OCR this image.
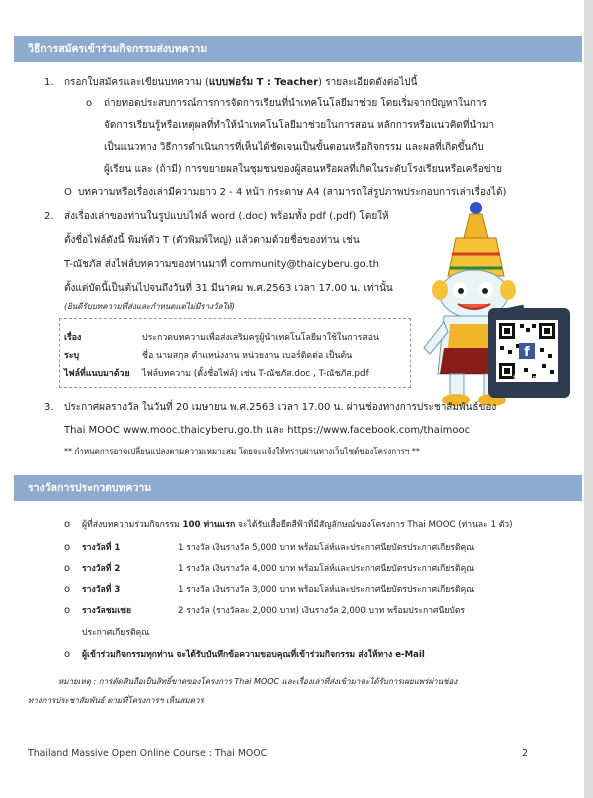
วิธีการสมัครเข้าร่วมกิจกรรมส่งบทความ
1. กรอกใบสมัครและเขียนบทความ (แบบฟอร์ม T : Teacher) รายละเอียดดังต่อไปนี้
o ถ่ายทอดประสบการณ์การการจัดการเรียนที่นำเทคโนโลยีมาช่วย โดยเริ่มจากปัญหาในการ
จัดการเรียนรู้หรือเหตุผลที่ทำให้นำเทคโนโลยีมาช่วยในการสอน หลักการหรือแนวคิดที่นำมา
เป็นแนวทาง วิธีการดำเนินการที่เห็นได้ชัดเจนเป็นขั้นตอนหรือกิจกรรม และผลที่เกิดขึ้นกับ
ผู้เรียน และ (ถ้ามี) การขยายผลในชุมชนของผู้สอนหรือผลที่เกิดในระดับโรงเรียนหรือเครือข่าย
O บทความหรือเรื่องเล่ามีความยาว 2 - 4 หน้า กระดาษ A4 (สามารถใส่รูปภาพประกอบการเล่าเรื่องได้)
2. ส่งเรื่องเล่าของท่านในรูปแบบไฟล์ word (.doc) พร้อมทั้ง pdf (.pdf) โดยให้
ตั้งชื่อไฟล์ดังนี้ พิมพ์ตัว T (ตัวพิมพ์ใหญ่) แล้วตามด้วยชื่อของท่าน เช่น
T-ณัชภัส ส่งไฟล์บทความของท่านมาที่ community@thaicyberu.go.th
ตั้งแต่บัดนี้เป็นต้นไปจนถึงวันที่ 31 มีนาคม พ.ศ.2563 เวลา 17.00 น. เท่านั้น
(ยินดีรับบทความที่ส่งและกำหนดแต่ไม่มีรางวัลให้)
เรื่อง	ประกวดบทความเพื่อส่งเสริมครูผู้นำเทคโนโลยีมาใช้ในการสอน
ระบุ	ชื่อ นามสกุล ตำแหน่งงาน หน่วยงาน เบอร์ติดต่อ เป็นต้น
ไฟล์ที่แนบมาด้วย ไฟล์บทความ (ตั้งชื่อไฟล์) เช่น T-ณัชภัส.doc , T-ณัชภัส.pdf
f
facebook
3. ประกาศผลรางวัล ในวันที่ 20 เมษายน พ.ศ.2563 เวลา 17.00 น. ผ่านช่องทางการประชาสัมพันธ์ของ
Thai MOOC www.mooc.thaicyberu.go.th และ https://www.facebook.com/thaimooc
** กำหนดการอาจเปลี่ยนแปลงตามความเหมาะสม โดยจะแจ้งให้ทราบผ่านทางเว็บไซต์ของโครงการฯ **
รางวัลการประกวดบทความ
o ผู้ที่ส่งบทความร่วมกิจกรรม 100 ท่านแรก จะได้รับเสื้อยืดสีฟ้าที่มีสัญลักษณ์ของโครงการ Thai MOOC (ท่านละ 1 ตัว)
o รางวัลที่ 1	1 รางวัล เงินรางวัล 5,000 บาท พร้อมโล่ห์และประกาศนียบัตรประกาศเกียรติคุณ
o รางวัลที่ 2	1 รางวัล เงินรางวัล 4,000 บาท พร้อมโล่ห์และประกาศนียบัตรประกาศเกียรติคุณ
o รางวัลที่ 3	1 รางวัล เงินรางวัล 3,000 บาท พร้อมโล่ห์และประกาศนียบัตรประกาศเกียรติคุณ
o รางวัลชมเชย	2 รางวัล (รางวัลละ 2,000 บาท) เงินรางวัล 2,000 บาท พร้อมประกาศนียบัตร
ประกาศเกียรติคุณ
o ผู้เข้าร่วมกิจกรรมทุกท่าน จะได้รับบันทึกข้อความขอบคุณที่เข้าร่วมกิจกรรม ส่งให้ทาง e-Mail
หมายเหตุ : การตัดสินถือเป็นสิทธิ์ขาดของโครงการ Thai MOOC และเรื่องเล่าที่ส่งเข้ามาจะได้รับการเผยแพร่ผ่านช่อง
ทางการประชาสัมพันธ์ ตามที่โครงการฯ เห็นสมควร
Thailand Massive Open Online Course : Thai MOOC	2
